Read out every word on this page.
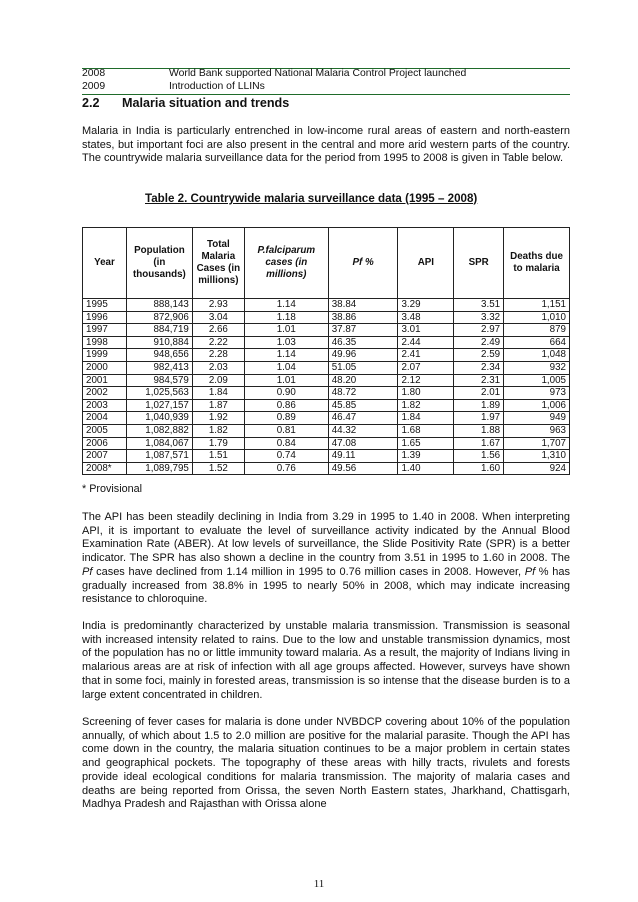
2008	World Bank supported National Malaria Control Project launched
2009	Introduction of LLINs
2.2 Malaria situation and trends
Malaria in India is particularly entrenched in low-income rural areas of eastern and north-eastern states, but important foci are also present in the central and more arid western parts of the country. The countrywide malaria surveillance data for the period from 1995 to 2008 is given in Table below.
Table 2. Countrywide malaria surveillance data (1995 – 2008)
Year	Population (in thousands)	Total Malaria Cases (in millions)	P.falciparum cases (in millions)	Pf %	API	SPR	Deaths due to malaria
1995	888,143	2.93	1.14	38.84	3.29	3.51	1,151
1996	872,906	3.04	1.18	38.86	3.48	3.32	1,010
1997	884,719	2.66	1.01	37.87	3.01	2.97	879
1998	910,884	2.22	1.03	46.35	2.44	2.49	664
1999	948,656	2.28	1.14	49.96	2.41	2.59	1,048
2000	982,413	2.03	1.04	51.05	2.07	2.34	932
2001	984,579	2.09	1.01	48.20	2.12	2.31	1,005
2002	1,025,563	1.84	0.90	48.72	1.80	2.01	973
2003	1,027,157	1.87	0.86	45.85	1.82	1.89	1,006
2004	1,040,939	1.92	0.89	46.47	1.84	1.97	949
2005	1,082,882	1.82	0.81	44.32	1.68	1.88	963
2006	1,084,067	1.79	0.84	47.08	1.65	1.67	1,707
2007	1,087,571	1.51	0.74	49.11	1.39	1.56	1,310
2008*	1,089,795	1.52	0.76	49.56	1.40	1.60	924
* Provisional
The API has been steadily declining in India from 3.29 in 1995 to 1.40 in 2008. When interpreting API, it is important to evaluate the level of surveillance activity indicated by the Annual Blood Examination Rate (ABER). At low levels of surveillance, the Slide Positivity Rate (SPR) is a better indicator. The SPR has also shown a decline in the country from 3.51 in 1995 to 1.60 in 2008. The Pf cases have declined from 1.14 million in 1995 to 0.76 million cases in 2008. However, Pf % has gradually increased from 38.8% in 1995 to nearly 50% in 2008, which may indicate increasing resistance to chloroquine.
India is predominantly characterized by unstable malaria transmission. Transmission is seasonal with increased intensity related to rains. Due to the low and unstable transmission dynamics, most of the population has no or little immunity toward malaria. As a result, the majority of Indians living in malarious areas are at risk of infection with all age groups affected. However, surveys have shown that in some foci, mainly in forested areas, transmission is so intense that the disease burden is to a large extent concentrated in children.
Screening of fever cases for malaria is done under NVBDCP covering about 10% of the population annually, of which about 1.5 to 2.0 million are positive for the malarial parasite. Though the API has come down in the country, the malaria situation continues to be a major problem in certain states and geographical pockets. The topography of these areas with hilly tracts, rivulets and forests provide ideal ecological conditions for malaria transmission. The majority of malaria cases and deaths are being reported from Orissa, the seven North Eastern states, Jharkhand, Chattisgarh, Madhya Pradesh and Rajasthan with Orissa alone
11
